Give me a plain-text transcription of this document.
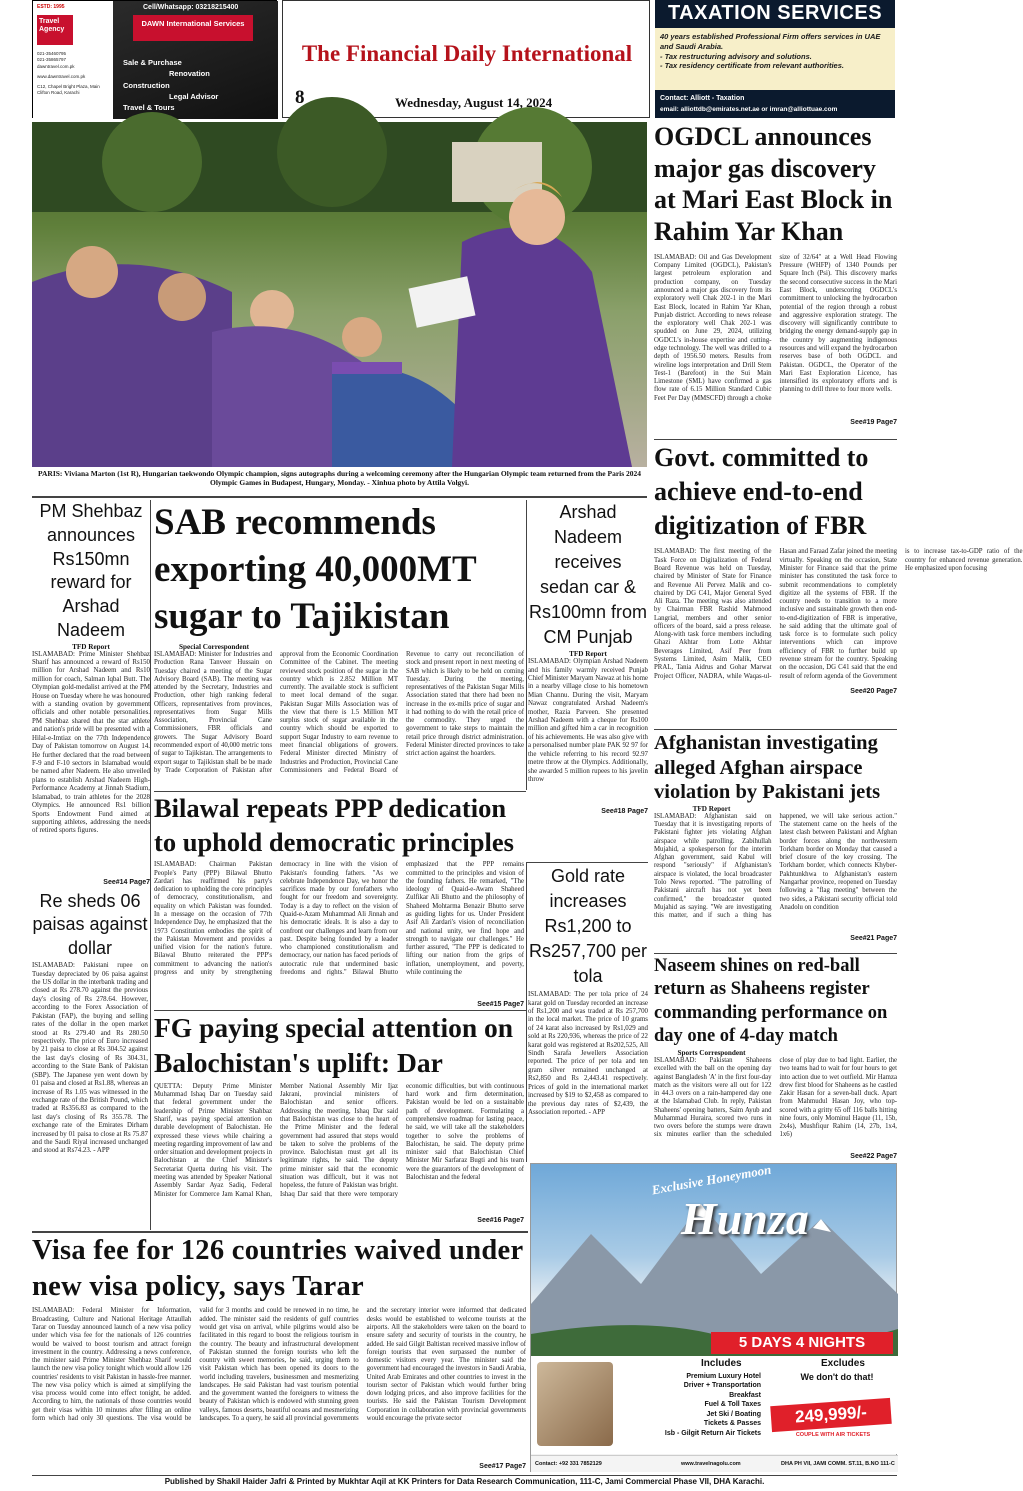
ESTD: 1995
Travel Agency
021-35460795
021-35865797
dawntravel.com.pk
www.dawntravel.com.pk
C12, Chapel Bright Plaza, Main Clifton Road, Karachi
Cell/Whatsapp: 03218215400
DAWN International Services
Sale & Purchase
Renovation
Construction
Legal Advisor
Travel & Tours
The Financial Daily International
8	Wednesday, August 14, 2024
TAXATION SERVICES
40 years established Professional Firm offers services in UAE and Saudi Arabia.
- Tax restructuring advisory and solutions.
- Tax residency certificate from relevant authorities.
Contact: Alliott - Taxation
email: alliottdb@emirates.net.ae or imran@alliottuae.com
PARIS: Viviana Marton (1st R), Hungarian taekwondo Olympic champion, signs autographs during a welcoming ceremony after the Hungarian Olympic team returned from the Paris 2024 Olympic Games in Budapest, Hungary, Monday. - Xinhua photo by Attila Volgyi.
OGDCL announces major gas discovery at Mari East Block in Rahim Yar Khan
ISLAMABAD: Oil and Gas Development Company Limited (OGDCL), Pakistan's largest petroleum exploration and production company, on Tuesday announced a major gas discovery from its exploratory well Chak 202-1 in the Mari East Block, located in Rahim Yar Khan, Punjab district. According to news release the exploratory well Chak 202-1 was spudded on June 29, 2024, utilizing OGDCL's in-house expertise and cutting-edge technology. The well was drilled to a depth of 1956.50 meters. Results from wireline logs interpretation and Drill Stem Test-1 (Barefoot) in the Sui Main Limestone (SML) have confirmed a gas flow rate of 6.15 Million Standard Cubic Feet Per Day (MMSCFD) through a choke size of 32/64" at a Well Head Flowing Pressure (WHFP) of 1340 Pounds per Square Inch (Psi). This discovery marks the second consecutive success in the Mari East Block, underscoring OGDCL's commitment to unlocking the hydrocarbon potential of the region through a robust and aggressive exploration strategy. The discovery will significantly contribute to bridging the energy demand-supply gap in the country by augmenting indigenous resources and will expand the hydrocarbon reserves base of both OGDCL and Pakistan. OGDCL, the Operator of the Mari East Exploration Licence, has intensified its exploratory efforts and is planning to drill three to four more wells.
See#19 Page7
Govt. committed to achieve end-to-end digitization of FBR
ISLAMABAD: The first meeting of the Task Force on Digitalization of Federal Board Revenue was held on Tuesday, chaired by Minister of State for Finance and Revenue Ali Pervez Malik and co-chaired by DG C41, Major General Syed Ali Raza. The meeting was also attended by Chairman FBR Rashid Mahmood Langrial, members and other senior officers of the board, said a press release. Along-with task force members including Ghazi Akhtar from Lotte Akhtar Beverages Limited, Asif Peer from Systems Limited, Asim Malik, CEO PRAL, Tania Aidrus and Gohar Marwat Project Officer, NADRA, while Waqas-ul-Hasan and Faraad Zafar joined the meeting virtually. Speaking on the occasion, State Minister for Finance said that the prime minister has constituted the task force to submit recommendations to completely digitize all the systems of FBR. If the country needs to transition to a more inclusive and sustainable growth then end-to-end-digitization of FBR is imperative, he said adding that the ultimate goal of task force is to formulate such policy interventions which can improve efficiency of FBR to further build up revenue stream for the country. Speaking on the occasion, DG C41 said that the end result of reform agenda of the Government is to increase tax-to-GDP ratio of the country for enhanced revenue generation. He emphasized upon focusing
See#20 Page7
Afghanistan investigating alleged Afghan airspace violation by Pakistani jets
TFD Report
ISLAMABAD: Afghanistan said on Tuesday that it is investigating reports of Pakistani fighter jets violating Afghan airspace while patrolling. Zabihullah Mujahid, a spokesperson for the interim Afghan government, said Kabul will respond "seriously" if Afghanistan's airspace is violated, the local broadcaster Tolo News reported. "The patrolling of Pakistani aircraft has not yet been confirmed," the broadcaster quoted Mujahid as saying. "We are investigating this matter, and if such a thing has happened, we will take serious action." The statement came on the heels of the latest clash between Pakistani and Afghan border forces along the northwestern Torkham border on Monday that caused a brief closure of the key crossing. The Torkham border, which connects Khyber-Pakhtunkhwa to Afghanistan's eastern Nangarhar province, reopened on Tuesday following a "flag meeting" between the two sides, a Pakistani security official told Anadolu on condition
See#21 Page7
Naseem shines on red-ball return as Shaheens register commanding performance on day one of 4-day match
Sports Correspondent
ISLAMABAD: Pakistan Shaheens excelled with the ball on the opening day against Bangladesh 'A' in the first four-day match as the visitors were all out for 122 in 44.3 overs on a rain-hampered day one at the Islamabad Club. In reply, Pakistan Shaheens' opening batters, Saim Ayub and Muhammad Huraira, scored two runs in two overs before the stumps were drawn six minutes earlier than the scheduled close of play due to bad light. Earlier, the two teams had to wait for four hours to get into action due to wet outfield. Mir Hamza drew first blood for Shaheens as he castled Zakir Hasan for a seven-ball duck. Apart from Mahmudul Hasan Joy, who top-scored with a gritty 65 off 116 balls hitting nine fours, only Mominul Haque (11, 15b, 2x4s), Mushfiqur Rahim (14, 27b, 1x4, 1x6)
See#22 Page7
PM Shehbaz announces Rs150mn reward for Arshad Nadeem
TFD Report
ISLAMABAD: Prime Minister Shehbaz Sharif has announced a reward of Rs150 million for Arshad Nadeem and Rs10 million for coach, Salman Iqbal Butt. The Olympian gold-medalist arrived at the PM House on Tuesday where he was honoured with a standing ovation by government officials and other notable personalities. PM Shehbaz shared that the star athlete and nation's pride will be presented with a Hilal-e-Imtiaz on the 77th Independence Day of Pakistan tomorrow on August 14. He further declared that the road between F-9 and F-10 sectors in Islamabad would be named after Nadeem. He also unveiled plans to establish Arshad Nadeem High-Performance Academy at Jinnah Stadium, Islamabad, to train athletes for the 2028 Olympics. He announced Rs1 billion Sports Endowment Fund aimed at supporting athletes, addressing the needs of retired sports figures.
See#14 Page7
Re sheds 06 paisas against dollar
ISLAMABAD: Pakistani rupee on Tuesday depreciated by 06 paisa against the US dollar in the interbank trading and closed at Rs 278.70 against the previous day's closing of Rs 278.64. However, according to the Forex Association of Pakistan (FAP), the buying and selling rates of the dollar in the open market stood at Rs 279.40 and Rs 280.50 respectively. The price of Euro increased by 21 paisa to close at Rs 304.52 against the last day's closing of Rs 304.31, according to the State Bank of Pakistan (SBP). The Japanese yen went down by 01 paisa and closed at Rs1.88, whereas an increase of Rs 1.05 was witnessed in the exchange rate of the British Pound, which traded at Rs356.83 as compared to the last day's closing of Rs 355.78. The exchange rate of the Emirates Dirham increased by 01 paisa to close at Rs 75.87 and the Saudi Riyal increased unchanged and stood at Rs74.23. - APP
SAB recommends exporting 40,000MT sugar to Tajikistan
Special Correspondent
ISLAMABAD: Minister for Industries and Production Rana Tanveer Hussain on Tuesday chaired a meeting of the Sugar Advisory Board (SAB). The meeting was attended by the Secretary, Industries and Production, other high ranking federal Officers, representatives from provinces, representatives from Sugar Mills Association, Provincial Cane Commissioners, FBR officials and growers. The Sugar Advisory Board recommended export of 40,000 metric tons of sugar to Tajikistan. The arrangements to export sugar to Tajikistan shall be be made by Trade Corporation of Pakistan after approval from the Economic Coordination Committee of the Cabinet. The meeting reviewed stock position of the sugar in the country which is 2.852 Million MT currently. The available stock is sufficient to meet local demand of the sugar. Pakistan Sugar Mills Association was of the view that there is 1.5 Million MT surplus stock of sugar available in the country which should be exported to support Sugar Industry to earn revenue to meet financial obligations of growers. Federal Minister directed Ministry of Industries and Production, Provincial Cane Commissioners and Federal Board of Revenue to carry out reconciliation of stock and present report in next meeting of SAB which is likely to be held on coming Tuesday. During the meeting, representatives of the Pakistan Sugar Mills Association stated that there had been no increase in the ex-mills price of sugar and it had nothing to do with the retail price of the commodity. They urged the government to take steps to maintain the retail price through district administration. Federal Minister directed provinces to take strict action against the hoarders.
Arshad Nadeem receives sedan car & Rs100mn from CM Punjab
TFD Report
ISLAMABAD: Olympian Arshad Nadeem and his family warmly received Punjab Chief Minister Maryam Nawaz at his home in a nearby village close to his hometown Mian Channu. During the visit, Maryam Nawaz congratulated Arshad Nadeem's mother, Razia Parveen. She presented Arshad Nadeem with a cheque for Rs100 million and gifted him a car in recognition of his achievements. He was also give with a personalised number plate PAK 92 97 for the vehicle referring to his record 92.97 metre throw at the Olympics. Additionally, she awarded 5 million rupees to his javelin throw
See#18 Page7
Bilawal repeats PPP dedication to uphold democratic principles
ISLAMABAD: Chairman Pakistan People's Party (PPP) Bilawal Bhutto Zardari has reaffirmed his party's dedication to upholding the core principles of democracy, constitutionalism, and equality on which Pakistan was founded. In a message on the occasion of 77th Independence Day, he emphasized that the 1973 Constitution embodies the spirit of the Pakistan Movement and provides a unified vision for the nation's future. Bilawal Bhutto reiterated the PPP's commitment to advancing the nation's progress and unity by strengthening democracy in line with the vision of Pakistan's founding fathers. "As we celebrate Independence Day, we honor the sacrifices made by our forefathers who fought for our freedom and sovereignty. Today is a day to reflect on the vision of Quaid-e-Azam Muhammad Ali Jinnah and his democratic ideals. It is also a day to confront our challenges and learn from our past. Despite being founded by a leader who championed constitutionalism and democracy, our nation has faced periods of autocratic rule that undermined basic freedoms and rights." Bilawal Bhutto emphasized that the PPP remains committed to the principles and vision of the founding fathers. He remarked, "The ideology of Quaid-e-Awam Shaheed Zulfikar Ali Bhutto and the philosophy of Shaheed Mohtarma Benazir Bhutto serve as guiding lights for us. Under President Asif Ali Zardari's vision of reconciliation and national unity, we find hope and strength to navigate our challenges." He further assured, "The PPP is dedicated to lifting our nation from the grips of inflation, unemployment, and poverty, while continuing the
See#15 Page7
Gold rate increases Rs1,200 to Rs257,700 per tola
ISLAMABAD: The per tola price of 24 karat gold on Tuesday recorded an increase of Rs1,200 and was traded at Rs 257,700 in the local market. The price of 10 grams of 24 karat also increased by Rs1,029 and sold at Rs 220,936, whereas the price of 22 karat gold was registered at Rs202,525, All Sindh Sarafa Jewellers Association reported. The price of per tola and ten gram silver remained unchanged at Rs2,850 and Rs 2,443.41 respectively. Prices of gold in the international market increased by $19 to $2,458 as compared to the previous day rates of $2,439, the Association reported. - APP
FG paying special attention on Balochistan's uplift: Dar
QUETTA: Deputy Prime Minister Muhammad Ishaq Dar on Tuesday said that federal government under the leadership of Prime Minister Shahbaz Sharif, was paying special attention on durable development of Balochistan. He expressed these views while chairing a meeting regarding improvement of law and order situation and development projects in Balochistan at the Chief Minister's Secretariat Quetta during his visit. The meeting was attended by Speaker National Assembly Sardar Ayaz Sadiq, Federal Minister for Commerce Jam Kamal Khan, Member National Assembly Mir Ijaz Jakrani, provincial ministers of Balochistan and senior officers. Addressing the meeting, Ishaq Dar said that Balochistan was close to the heart of the Prime Minister and the federal government had assured that steps would be taken to solve the problems of the province. Balochistan must get all its legitimate rights, he said. The deputy prime minister said that the economic situation was difficult, but it was not hopeless, the future of Pakistan was bright. Ishaq Dar said that there were temporary economic difficulties, but with continuous hard work and firm determination, Pakistan would be led on a sustainable path of development. Formulating a comprehensive roadmap for lasting peace, he said, we will take all the stakeholders together to solve the problems of Balochistan, he said. The deputy prime minister said that Balochistan Chief Minister Mir Sarfaraz Bugti and his team were the guarantors of the development of Balochistan and the federal
See#16 Page7
Visa fee for 126 countries waived under new visa policy, says Tarar
ISLAMABAD: Federal Minister for Information, Broadcasting, Culture and National Heritage Attaullah Tarar on Tuesday announced launch of a new visa policy under which visa fee for the nationals of 126 countries would be waived to boost tourism and attract foreign investment in the country. Addressing a news conference, the minister said Prime Minister Shehbaz Sharif would launch the new visa policy tonight which would allow 126 countries' residents to visit Pakistan in hassle-free manner. The new visa policy which is aimed at simplifying the visa process would come into effect tonight, he added. According to him, the nationals of those countries would get their visas within 10 minutes after filling an online form which had only 30 questions. The visa would be valid for 3 months and could be renewed in no time, he added. The minister said the residents of gulf countries would get visa on arrival, while pilgrims would also be facilitated in this regard to boost the religious tourism in the country. The beauty and infrastructural development of Pakistan stunned the foreign tourists who left the country with sweet memories, he said, urging them to visit Pakistan which has been opened its doors to the world including travelers, businessmen and mesmerizing landscapes. He said Pakistan had vast tourism potential and the government wanted the foreigners to witness the beauty of Pakistan which is endowed with stunning green valleys, famous deserts, beautiful oceans and mesmerizing landscapes. To a query, he said all provincial governments and the secretary interior were informed that dedicated desks would be established to welcome tourists at the airports. All the stakeholders were taken on the board to ensure safety and security of tourists in the country, he added. He said Gilgit Baltistan received massive inflow of foreign tourists that even surpassed the number of domestic visitors every year. The minister said the government had encouraged the investors in Saudi Arabia, United Arab Emirates and other countries to invest in the tourism sector of Pakistan which would further bring down lodging prices, and also improve facilities for the tourists. He said the Pakistan Tourism Development Corporation in collaboration with provincial governments would encourage the private sector
See#17 Page7
Exclusive Honeymoon
Hunza
5 DAYS 4 NIGHTS
Includes
Premium Luxury Hotel
Driver + Transportation
Breakfast
Fuel & Toll Taxes
Jet Ski / Boating
Tickets & Passes
Isb - Gilgit Return Air Tickets
Excludes
We don't do that!
249,999/-
COUPLE WITH AIR TICKETS
Contact: +92 331 7852129	www.travelnagolu.com	DHA PH VII, JAMI COMM. ST.11, B.NO 111-C
Published by Shakil Haider Jafri & Printed by Mukhtar Aqil at KK Printers for Data Research Communication, 111-C, Jami Commercial Phase VII, DHA Karachi.
